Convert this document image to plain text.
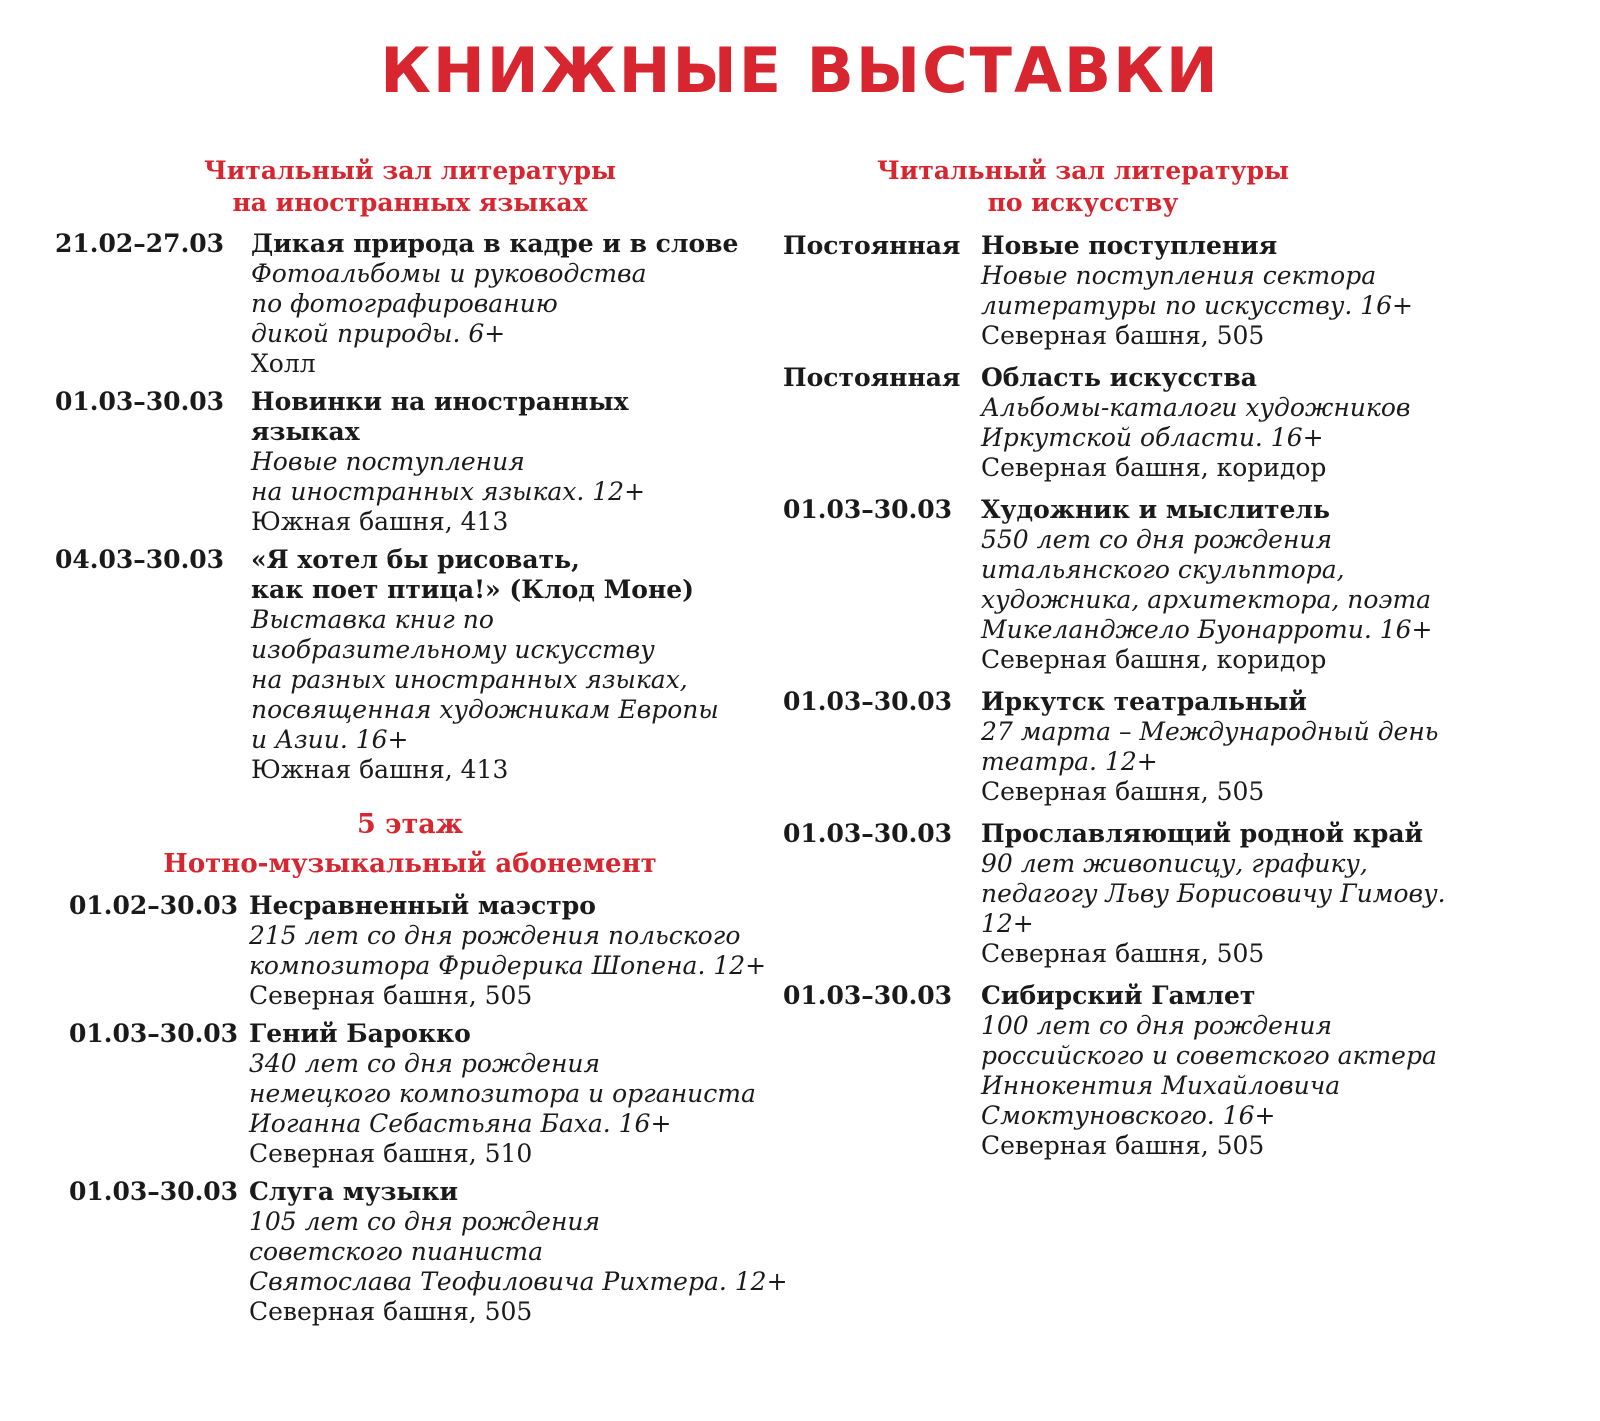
КНИЖНЫЕ ВЫСТАВКИ
Читальный зал литературы
на иностранных языках
21.02–27.03	Дикая природа в кадре и в слове
Фотоальбомы и руководства
по фотографированию
дикой природы. 6+
Холл
01.03–30.03	Новинки на иностранных
языках
Новые поступления
на иностранных языках. 12+
Южная башня, 413
04.03–30.03	«Я хотел бы рисовать,
как поет птица!» (Клод Моне)
Выставка книг по
изобразительному искусству
на разных иностранных языках,
посвященная художникам Европы
и Азии. 16+
Южная башня, 413
5 этаж
Нотно-музыкальный абонемент
01.02–30.03 Несравненный маэстро
215 лет со дня рождения польского
композитора Фридерика Шопена. 12+
Северная башня, 505
01.03–30.03 Гений Барокко
340 лет со дня рождения
немецкого композитора и органиста
Иоганна Себастьяна Баха. 16+
Северная башня, 510
01.03–30.03 Слуга музыки
105 лет со дня рождения
советского пианиста
Святослава Теофиловича Рихтера. 12+
Северная башня, 505
Читальный зал литературы
по искусству
Постоянная Новые поступления
Новые поступления сектора
литературы по искусству. 16+
Северная башня, 505
Постоянная Область искусства
Альбомы-каталоги художников
Иркутской области. 16+
Северная башня, коридор
01.03–30.03	Художник и мыслитель
550 лет со дня рождения
итальянского скульптора,
художника, архитектора, поэта
Микеланджело Буонарроти. 16+
Северная башня, коридор
01.03–30.03	Иркутск театральный
27 марта – Международный день
театра. 12+
Северная башня, 505
01.03–30.03	Прославляющий родной край
90 лет живописцу, графику,
педагогу Льву Борисовичу Гимову.
12+
Северная башня, 505
01.03–30.03	Сибирский Гамлет
100 лет со дня рождения
российского и советского актера
Иннокентия Михайловича
Смоктуновского. 16+
Северная башня, 505
